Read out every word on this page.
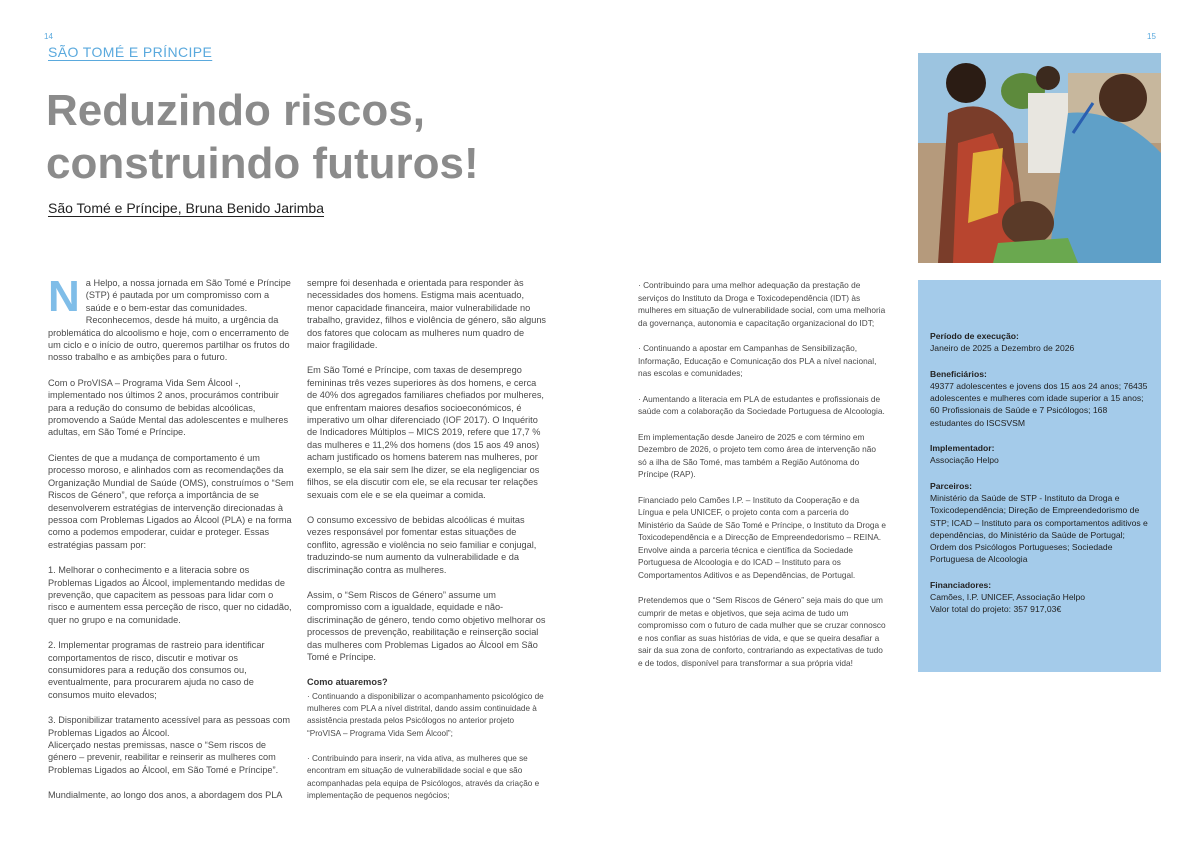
14	15
SÃO TOMÉ E PRÍNCIPE
Reduzindo riscos,
construindo futuros!
São Tomé e Príncipe, Bruna Benido Jarimba

Na Helpo, a nossa jornada em São Tomé e Príncipe (STP) é pautada por um compromisso com a saúde e o bem-estar das comunidades. Reconhecemos, desde há muito, a urgência da problemática do alcoolismo e hoje, com o encerramento de um ciclo e o início de outro, queremos partilhar os frutos do nosso trabalho e as ambições para o futuro.

Com o ProVISA – Programa Vida Sem Álcool -, implementado nos últimos 2 anos, procurámos contribuir para a redução do consumo de bebidas alcoólicas, promovendo a Saúde Mental das adolescentes e mulheres adultas, em São Tomé e Príncipe.

Cientes de que a mudança de comportamento é um processo moroso, e alinhados com as recomendações da Organização Mundial de Saúde (OMS), construímos o “Sem Riscos de Género”, que reforça a importância de se desenvolverem estratégias de intervenção direcionadas à pessoa com Problemas Ligados ao Álcool (PLA) e na forma como a podemos empoderar, cuidar e proteger. Essas estratégias passam por:

1. Melhorar o conhecimento e a literacia sobre os Problemas Ligados ao Álcool, implementando medidas de prevenção, que capacitem as pessoas para lidar com o risco e aumentem essa perceção de risco, quer no cidadão, quer no grupo e na comunidade.

2. Implementar programas de rastreio para identificar comportamentos de risco, discutir e motivar os consumidores para a redução dos consumos ou, eventualmente, para procurarem ajuda no caso de consumos muito elevados;

3. Disponibilizar tratamento acessível para as pessoas com Problemas Ligados ao Álcool.
Alicerçado nestas premissas, nasce o “Sem riscos de género – prevenir, reabilitar e reinserir as mulheres com Problemas Ligados ao Álcool, em São Tomé e Príncipe”.

Mundialmente, ao longo dos anos, a abordagem dos PLA

sempre foi desenhada e orientada para responder às necessidades dos homens. Estigma mais acentuado, menor capacidade financeira, maior vulnerabilidade no trabalho, gravidez, filhos e violência de género, são alguns dos fatores que colocam as mulheres num quadro de maior fragilidade.

Em São Tomé e Príncipe, com taxas de desemprego femininas três vezes superiores às dos homens, e cerca de 40% dos agregados familiares chefiados por mulheres, que enfrentam maiores desafios socioeconómicos, é imperativo um olhar diferenciado (IOF 2017). O Inquérito de Indicadores Múltiplos – MICS 2019, refere que 17,7 % das mulheres e 11,2% dos homens (dos 15 aos 49 anos) acham justificado os homens baterem nas mulheres, por exemplo, se ela sair sem lhe dizer, se ela negligenciar os filhos, se ela discutir com ele, se ela recusar ter relações sexuais com ele e se ela queimar a comida.

O consumo excessivo de bebidas alcoólicas é muitas vezes responsável por fomentar estas situações de conflito, agressão e violência no seio familiar e conjugal, traduzindo-se num aumento da vulnerabilidade e da discriminação contra as mulheres.

Assim, o “Sem Riscos de Género” assume um compromisso com a igualdade, equidade e não-discriminação de género, tendo como objetivo melhorar os processos de prevenção, reabilitação e reinserção social das mulheres com Problemas Ligados ao Álcool em São Tomé e Príncipe.

Como atuaremos?

· Continuando a disponibilizar o acompanhamento psicológico de mulheres com PLA a nível distrital, dando assim continuidade à assistência prestada pelos Psicólogos no anterior projeto “ProVISA – Programa Vida Sem Álcool”;

· Contribuindo para inserir, na vida ativa, as mulheres que se encontram em situação de vulnerabilidade social e que são acompanhadas pela equipa de Psicólogos, através da criação e implementação de pequenos negócios;

· Contribuindo para uma melhor adequação da prestação de serviços do Instituto da Droga e Toxicodependência (IDT) às mulheres em situação de vulnerabilidade social, com uma melhoria da governança, autonomia e capacitação organizacional do IDT;

· Continuando a apostar em Campanhas de Sensibilização, Informação, Educação e Comunicação dos PLA a nível nacional, nas escolas e comunidades;

· Aumentando a literacia em PLA de estudantes e profissionais de saúde com a colaboração da Sociedade Portuguesa de Alcoologia.

Em implementação desde Janeiro de 2025 e com término em Dezembro de 2026, o projeto tem como área de intervenção não só a ilha de São Tomé, mas também a Região Autónoma do Príncipe (RAP).

Financiado pelo Camões I.P. – Instituto da Cooperação e da Língua e pela UNICEF, o projeto conta com a parceria do Ministério da Saúde de São Tomé e Príncipe, o Instituto da Droga e Toxicodependência e a Direcção de Empreendedorismo – REINA. Envolve ainda a parceria técnica e científica da Sociedade Portuguesa de Alcoologia e do ICAD – Instituto para os Comportamentos Aditivos e as Dependências, de Portugal.

Pretendemos que o “Sem Riscos de Género” seja mais do que um cumprir de metas e objetivos, que seja acima de tudo um compromisso com o futuro de cada mulher que se cruzar connosco e nos confiar as suas histórias de vida, e que se queira desafiar a sair da sua zona de conforto, contrariando as expectativas de tudo e de todos, disponível para transformar a sua própria vida!

Período de execução:
Janeiro de 2025 a Dezembro de 2026
Beneficiários:
49377 adolescentes e jovens dos 15 aos 24 anos; 76435 adolescentes e mulheres com idade superior a 15 anos; 60 Profissionais de Saúde e 7 Psicólogos; 168 estudantes do ISCSVSM
Implementador:
Associação Helpo
Parceiros:
Ministério da Saúde de STP - Instituto da Droga e Toxicodependência; Direção de Empreendedorismo de STP; ICAD – Instituto para os comportamentos aditivos e dependências, do Ministério da Saúde de Portugal; Ordem dos Psicólogos Portugueses; Sociedade Portuguesa de Alcoologia
Financiadores:
Camões, I.P. UNICEF, Associação Helpo
Valor total do projeto: 357 917,03€
